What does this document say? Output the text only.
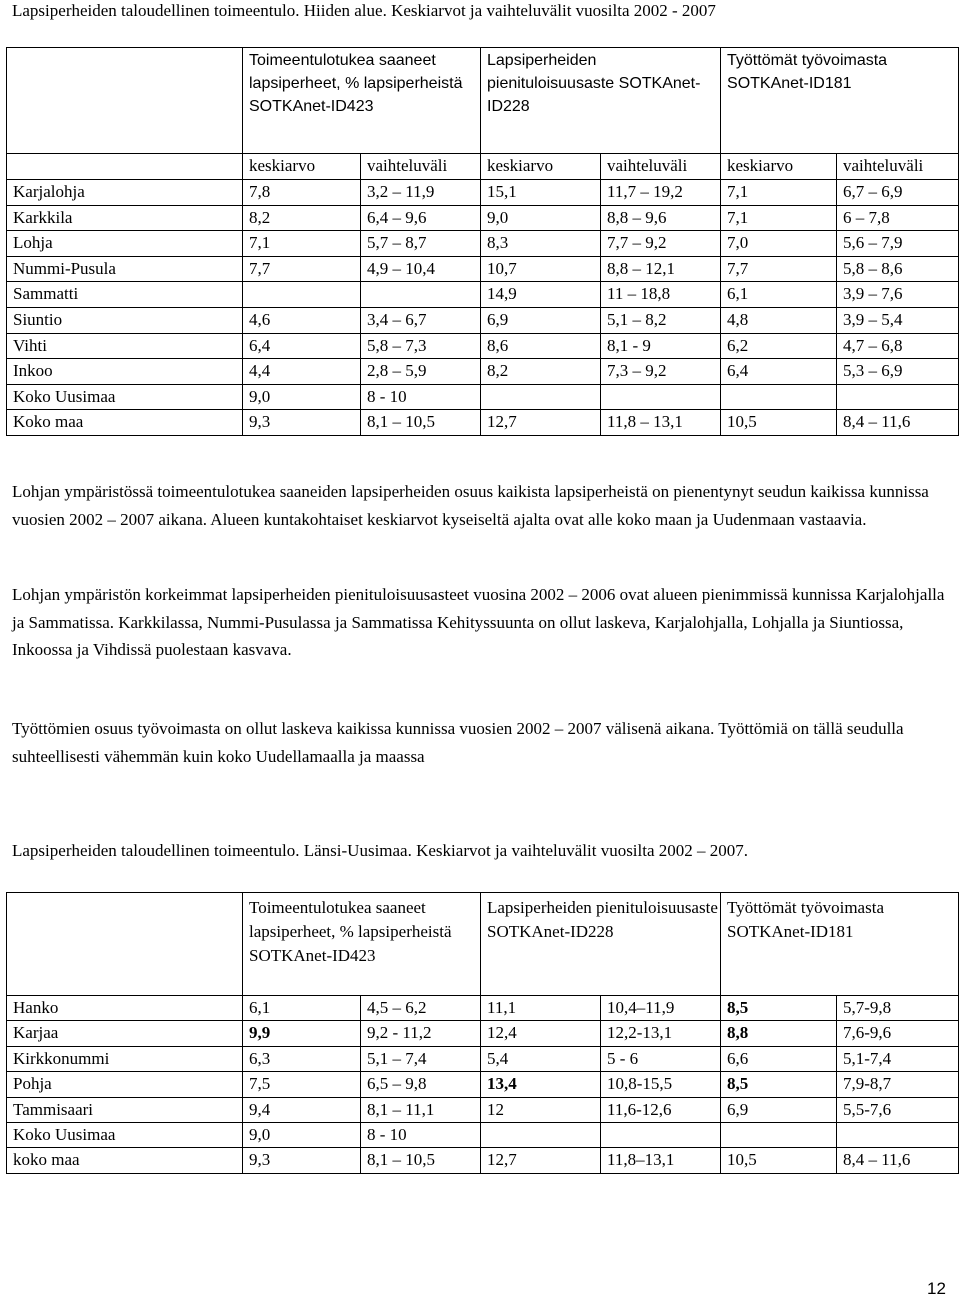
Lapsiperheiden taloudellinen toimeentulo. Hiiden alue. Keskiarvot ja vaihteluvälit vuosilta 2002 - 2007
	Toimeentulotukea saaneet lapsiperheet, % lapsiperheistä SOTKAnet-ID423		Lapsiperheiden pienituloisuusaste SOTKAnet-ID228		Työttömät työvoimasta SOTKAnet-ID181	
	keskiarvo	vaihteluväli	keskiarvo	vaihteluväli	keskiarvo	vaihteluväli
Karjalohja	7,8	3,2 – 11,9	15,1	11,7 – 19,2	7,1	6,7 – 6,9
Karkkila	8,2	6,4 – 9,6	9,0	8,8 – 9,6	7,1	6 – 7,8
Lohja	7,1	5,7 – 8,7	8,3	7,7 – 9,2	7,0	5,6 – 7,9
Nummi-Pusula	7,7	4,9 – 10,4	10,7	8,8 – 12,1	7,7	5,8 – 8,6
Sammatti			14,9	11 – 18,8	6,1	3,9 – 7,6
Siuntio	4,6	3,4 – 6,7	6,9	5,1 – 8,2	4,8	3,9 – 5,4
Vihti	6,4	5,8 – 7,3	8,6	8,1 - 9	6,2	4,7 – 6,8
Inkoo	4,4	2,8 – 5,9	8,2	7,3 – 9,2	6,4	5,3 – 6,9
Koko Uusimaa	9,0	8 - 10				
Koko maa	9,3	8,1 – 10,5	12,7	11,8 – 13,1	10,5	8,4 – 11,6

Lohjan ympäristössä toimeentulotukea saaneiden lapsiperheiden osuus kaikista lapsiperheistä on pienentynyt seudun kaikissa kunnissa vuosien 2002 – 2007 aikana. Alueen kuntakohtaiset keskiarvot kyseiseltä ajalta ovat alle koko maan ja Uudenmaan vastaavia.

Lohjan ympäristön korkeimmat lapsiperheiden pienituloisuusasteet vuosina 2002 – 2006 ovat alueen pienimmissä kunnissa Karjalohjalla ja Sammatissa. Karkkilassa, Nummi-Pusulassa ja Sammatissa Kehityssuunta on ollut laskeva, Karjalohjalla, Lohjalla ja Siuntiossa, Inkoossa ja Vihdissä puolestaan kasvava.

Työttömien osuus työvoimasta on ollut laskeva kaikissa kunnissa vuosien 2002 – 2007 välisenä aikana. Työttömiä on tällä seudulla suhteellisesti vähemmän kuin koko Uudellamaalla ja maassa

Lapsiperheiden taloudellinen toimeentulo. Länsi-Uusimaa. Keskiarvot ja vaihteluvälit vuosilta 2002 – 2007.
	Toimeentulotukea saaneet lapsiperheet, % lapsiperheistä SOTKAnet-ID423		Lapsiperheiden pienituloisuusaste SOTKAnet-ID228		Työttömät työvoimasta SOTKAnet-ID181	
Hanko	6,1	4,5 – 6,2	11,1	10,4–11,9	8,5	5,7-9,8
Karjaa	9,9	9,2 - 11,2	12,4	12,2-13,1	8,8	7,6-9,6
Kirkkonummi	6,3	5,1 – 7,4	5,4	5 - 6	6,6	5,1-7,4
Pohja	7,5	6,5 – 9,8	13,4	10,8-15,5	8,5	7,9-8,7
Tammisaari	9,4	8,1 – 11,1	12	11,6-12,6	6,9	5,5-7,6
Koko Uusimaa	9,0	8 - 10				
koko maa	9,3	8,1 – 10,5	12,7	11,8–13,1	10,5	8,4 – 11,6
12
